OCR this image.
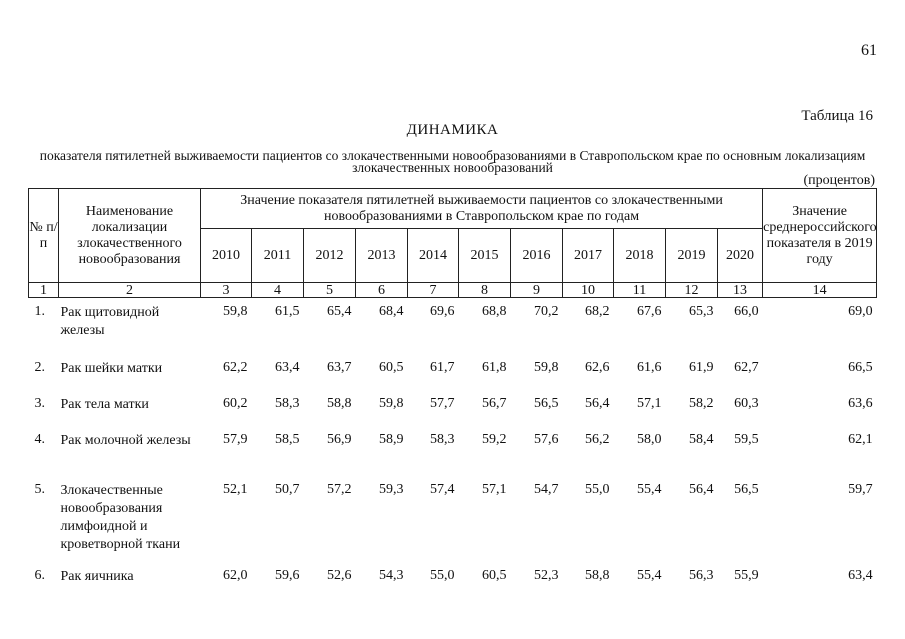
61
Таблица 16
ДИНАМИКА
показателя пятилетней выживаемости пациентов со злокачественными новообразованиями в Ставропольском крае по основным локализациям злокачественных новообразований
(процентов)
№ п/п	Наименование локализации злокачественного новообразования	Значение показателя пятилетней выживаемости пациентов со злокачественными новообразованиями в Ставропольском крае по годам											Значение среднероссийского показателя в 2019 году
		2010	2011	2012	2013	2014	2015	2016	2017	2018	2019	2020	
1	2	3	4	5	6	7	8	9	10	11	12	13	14
1.	Рак щитовидной железы	59,8	61,5	65,4	68,4	69,6	68,8	70,2	68,2	67,6	65,3	66,0	69,0
2.	Рак шейки матки	62,2	63,4	63,7	60,5	61,7	61,8	59,8	62,6	61,6	61,9	62,7	66,5
3.	Рак тела матки	60,2	58,3	58,8	59,8	57,7	56,7	56,5	56,4	57,1	58,2	60,3	63,6
4.	Рак молочной железы	57,9	58,5	56,9	58,9	58,3	59,2	57,6	56,2	58,0	58,4	59,5	62,1
5.	Злокачественные новообразования лимфоидной и кроветворной ткани	52,1	50,7	57,2	59,3	57,4	57,1	54,7	55,0	55,4	56,4	56,5	59,7
6.	Рак яичника	62,0	59,6	52,6	54,3	55,0	60,5	52,3	58,8	55,4	56,3	55,9	63,4
